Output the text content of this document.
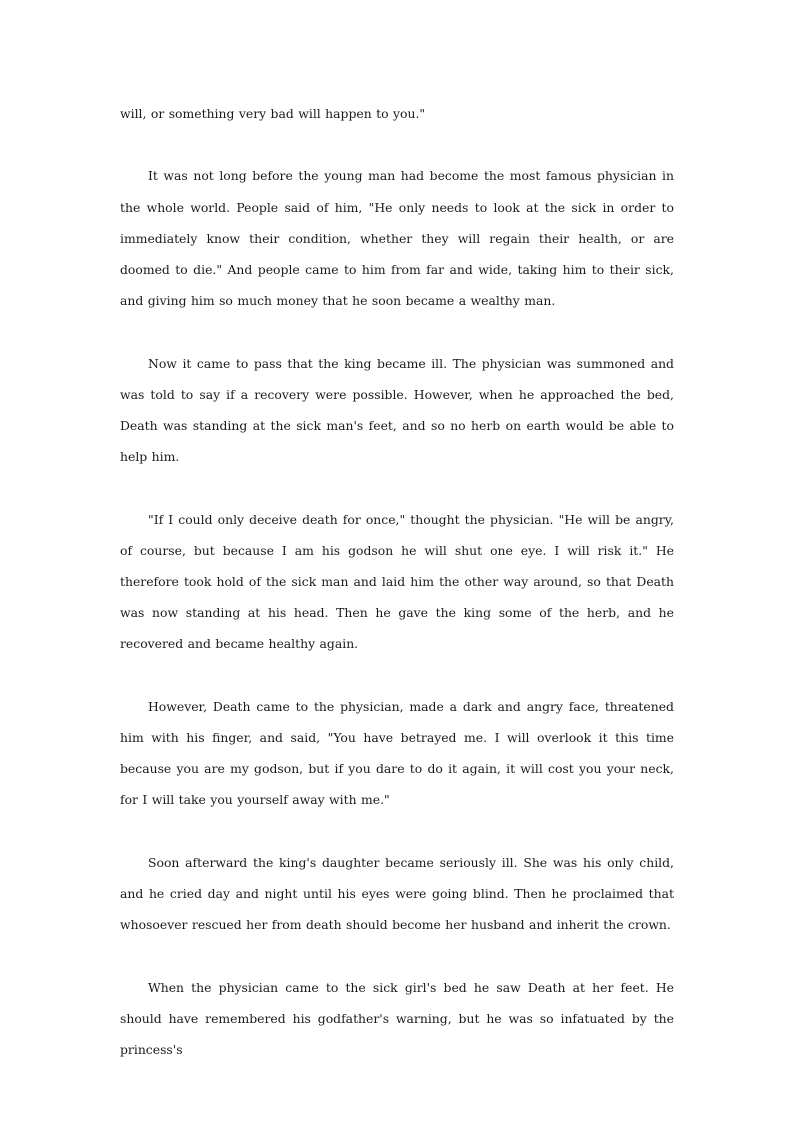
will, or something very bad will happen to you."

It was not long before the young man had become the most famous physician in the whole world. People said of him, "He only needs to look at the sick in order to immediately know their condition, whether they will regain their health, or are doomed to die." And people came to him from far and wide, taking him to their sick, and giving him so much money that he soon became a wealthy man.

Now it came to pass that the king became ill. The physician was summoned and was told to say if a recovery were possible. However, when he approached the bed, Death was standing at the sick man's feet, and so no herb on earth would be able to help him.

"If I could only deceive death for once," thought the physician. "He will be angry, of course, but because I am his godson he will shut one eye. I will risk it." He therefore took hold of the sick man and laid him the other way around, so that Death was now standing at his head. Then he gave the king some of the herb, and he recovered and became healthy again.

However, Death came to the physician, made a dark and angry face, threatened him with his finger, and said, "You have betrayed me. I will overlook it this time because you are my godson, but if you dare to do it again, it will cost you your neck, for I will take you yourself away with me."

Soon afterward the king's daughter became seriously ill. She was his only child, and he cried day and night until his eyes were going blind. Then he proclaimed that whosoever rescued her from death should become her husband and inherit the crown.

When the physician came to the sick girl's bed he saw Death at her feet. He should have remembered his godfather's warning, but he was so infatuated by the princess's
